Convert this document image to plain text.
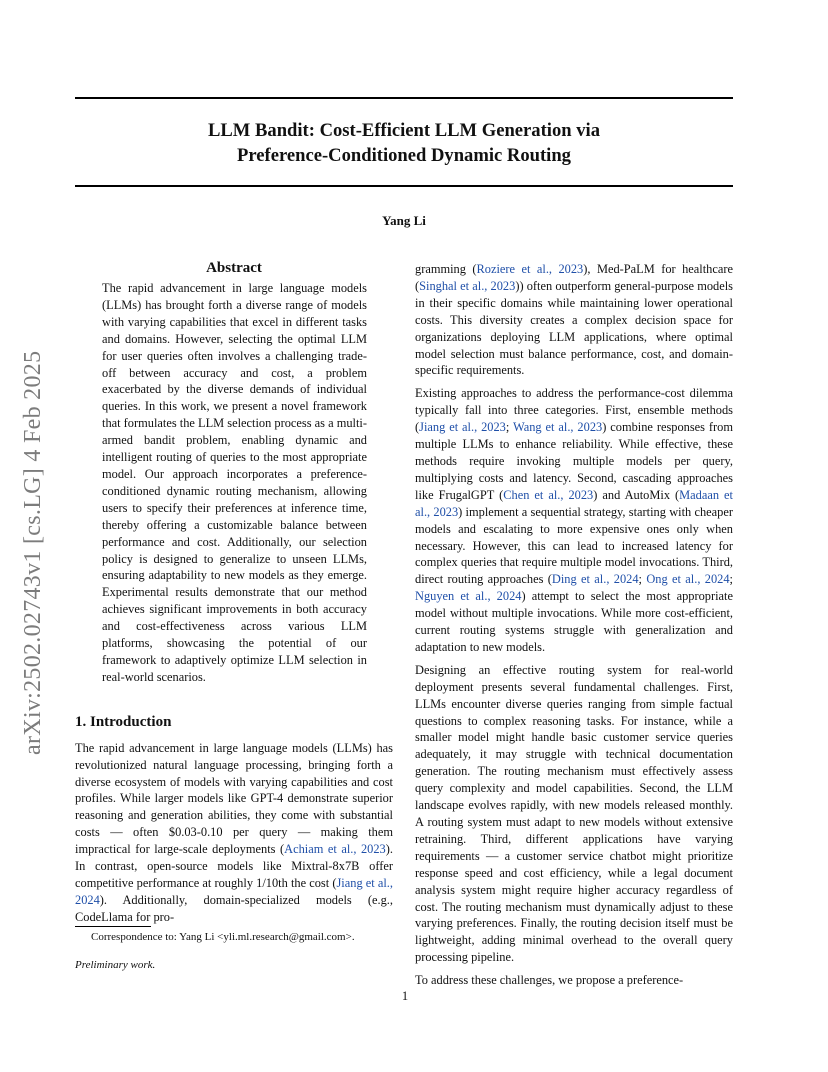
LLM Bandit: Cost-Efficient LLM Generation via
Preference-Conditioned Dynamic Routing
Yang Li
arXiv:2502.02743v1 [cs.LG] 4 Feb 2025
Abstract

The rapid advancement in large language models (LLMs) has brought forth a diverse range of models with varying capabilities that excel in different tasks and domains. However, selecting the optimal LLM for user queries often involves a challenging trade-off between accuracy and cost, a problem exacerbated by the diverse demands of individual queries. In this work, we present a novel framework that formulates the LLM selection process as a multi-armed bandit problem, enabling dynamic and intelligent routing of queries to the most appropriate model. Our approach incorporates a preference-conditioned dynamic routing mechanism, allowing users to specify their preferences at inference time, thereby offering a customizable balance between performance and cost. Additionally, our selection policy is designed to generalize to unseen LLMs, ensuring adaptability to new models as they emerge. Experimental results demonstrate that our method achieves significant improvements in both accuracy and cost-effectiveness across various LLM platforms, showcasing the potential of our framework to adaptively optimize LLM selection in real-world scenarios.

1. Introduction

The rapid advancement in large language models (LLMs) has revolutionized natural language processing, bringing forth a diverse ecosystem of models with varying capabilities and cost profiles. While larger models like GPT-4 demonstrate superior reasoning and generation abilities, they come with substantial costs — often $0.03-0.10 per query — making them impractical for large-scale deployments (Achiam et al., 2023). In contrast, open-source models like Mixtral-8x7B offer competitive performance at roughly 1/10th the cost (Jiang et al., 2024). Additionally, domain-specialized models (e.g., CodeLlama for pro-

Correspondence to: Yang Li <yli.ml.research@gmail.com>.
Preliminary work.

gramming (Roziere et al., 2023), Med-PaLM for healthcare (Singhal et al., 2023)) often outperform general-purpose models in their specific domains while maintaining lower operational costs. This diversity creates a complex decision space for organizations deploying LLM applications, where optimal model selection must balance performance, cost, and domain-specific requirements.

Existing approaches to address the performance-cost dilemma typically fall into three categories. First, ensemble methods (Jiang et al., 2023; Wang et al., 2023) combine responses from multiple LLMs to enhance reliability. While effective, these methods require invoking multiple models per query, multiplying costs and latency. Second, cascading approaches like FrugalGPT (Chen et al., 2023) and AutoMix (Madaan et al., 2023) implement a sequential strategy, starting with cheaper models and escalating to more expensive ones only when necessary. However, this can lead to increased latency for complex queries that require multiple model invocations. Third, direct routing approaches (Ding et al., 2024; Ong et al., 2024; Nguyen et al., 2024) attempt to select the most appropriate model without multiple invocations. While more cost-efficient, current routing systems struggle with generalization and adaptation to new models.

Designing an effective routing system for real-world deployment presents several fundamental challenges. First, LLMs encounter diverse queries ranging from simple factual questions to complex reasoning tasks. For instance, while a smaller model might handle basic customer service queries adequately, it may struggle with technical documentation generation. The routing mechanism must effectively assess query complexity and model capabilities. Second, the LLM landscape evolves rapidly, with new models released monthly. A routing system must adapt to new models without extensive retraining. Third, different applications have varying requirements — a customer service chatbot might prioritize response speed and cost efficiency, while a legal document analysis system might require higher accuracy regardless of cost. The routing mechanism must dynamically adjust to these varying preferences. Finally, the routing decision itself must be lightweight, adding minimal overhead to the overall query processing pipeline.

To address these challenges, we propose a preference-

1
